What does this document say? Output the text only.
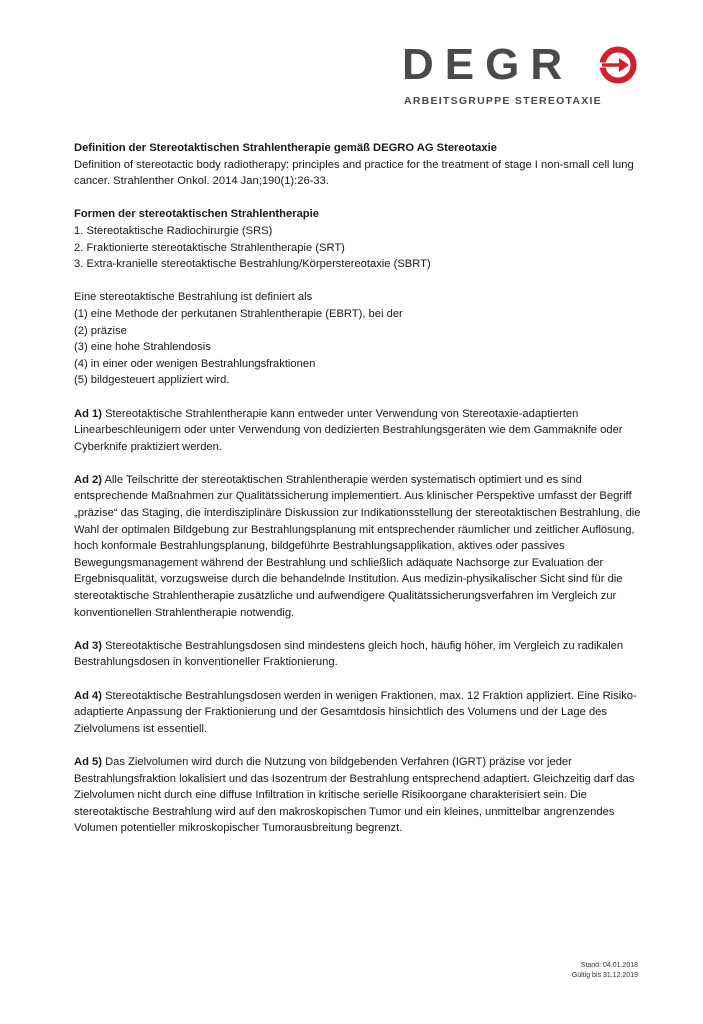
DEGR
ARBEITSGRUPPE STEREOTAXIE

Definition der Stereotaktischen Strahlentherapie gemäß DEGRO AG Stereotaxie

Definition of stereotactic body radiotherapy: principles and practice for the treatment of stage I non-small cell lung cancer. Strahlenther Onkol. 2014 Jan;190(1):26-33.

Formen der stereotaktischen Strahlentherapie

1. Stereotaktische Radiochirurgie (SRS)

2. Fraktionierte stereotaktische Strahlentherapie (SRT)

3. Extra-kranielle stereotaktische Bestrahlung/Körperstereotaxie (SBRT)

Eine stereotaktische Bestrahlung ist definiert als

(1) eine Methode der perkutanen Strahlentherapie (EBRT), bei der

(2) präzise

(3) eine hohe Strahlendosis

(4) in einer oder wenigen Bestrahlungsfraktionen

(5) bildgesteuert appliziert wird.

Ad 1) Stereotaktische Strahlentherapie kann entweder unter Verwendung von Stereotaxie-adaptierten Linearbeschleunigern oder unter Verwendung von dedizierten Bestrahlungsgeräten wie dem Gammaknife oder Cyberknife praktiziert werden.

Ad 2) Alle Teilschritte der stereotaktischen Strahlentherapie werden systematisch optimiert und es sind entsprechende Maßnahmen zur Qualitätssicherung implementiert. Aus klinischer Perspektive umfasst der Begriff „präzise“ das Staging, die interdisziplinäre Diskussion zur Indikationsstellung der stereotaktischen Bestrahlung, die Wahl der optimalen Bildgebung zur Bestrahlungsplanung mit entsprechender räumlicher und zeitlicher Auflösung, hoch konformale Bestrahlungsplanung, bildgeführte Bestrahlungsapplikation, aktives oder passives Bewegungsmanagement während der Bestrahlung und schließlich adäquate Nachsorge zur Evaluation der Ergebnisqualität, vorzugsweise durch die behandelnde Institution. Aus medizin-physikalischer Sicht sind für die stereotaktische Strahlentherapie zusätzliche und aufwendigere Qualitätssicherungsverfahren im Vergleich zur konventionellen Strahlentherapie notwendig.

Ad 3) Stereotaktische Bestrahlungsdosen sind mindestens gleich hoch, häufig höher, im Vergleich zu radikalen Bestrahlungsdosen in konventioneller Fraktionierung.

Ad 4) Stereotaktische Bestrahlungsdosen werden in wenigen Fraktionen, max. 12 Fraktion appliziert. Eine Risiko-adaptierte Anpassung der Fraktionierung und der Gesamtdosis hinsichtlich des Volumens und der Lage des Zielvolumens ist essentiell.

Ad 5) Das Zielvolumen wird durch die Nutzung von bildgebenden Verfahren (IGRT) präzise vor jeder Bestrahlungsfraktion lokalisiert und das Isozentrum der Bestrahlung entsprechend adaptiert. Gleichzeitig darf das Zielvolumen nicht durch eine diffuse Infiltration in kritische serielle Risikoorgane charakterisiert sein. Die stereotaktische Bestrahlung wird auf den makroskopischen Tumor und ein kleines, unmittelbar angrenzendes Volumen potentieller mikroskopischer Tumorausbreitung begrenzt.

Stand: 04.01.2018
Gültig bis 31.12.2019
